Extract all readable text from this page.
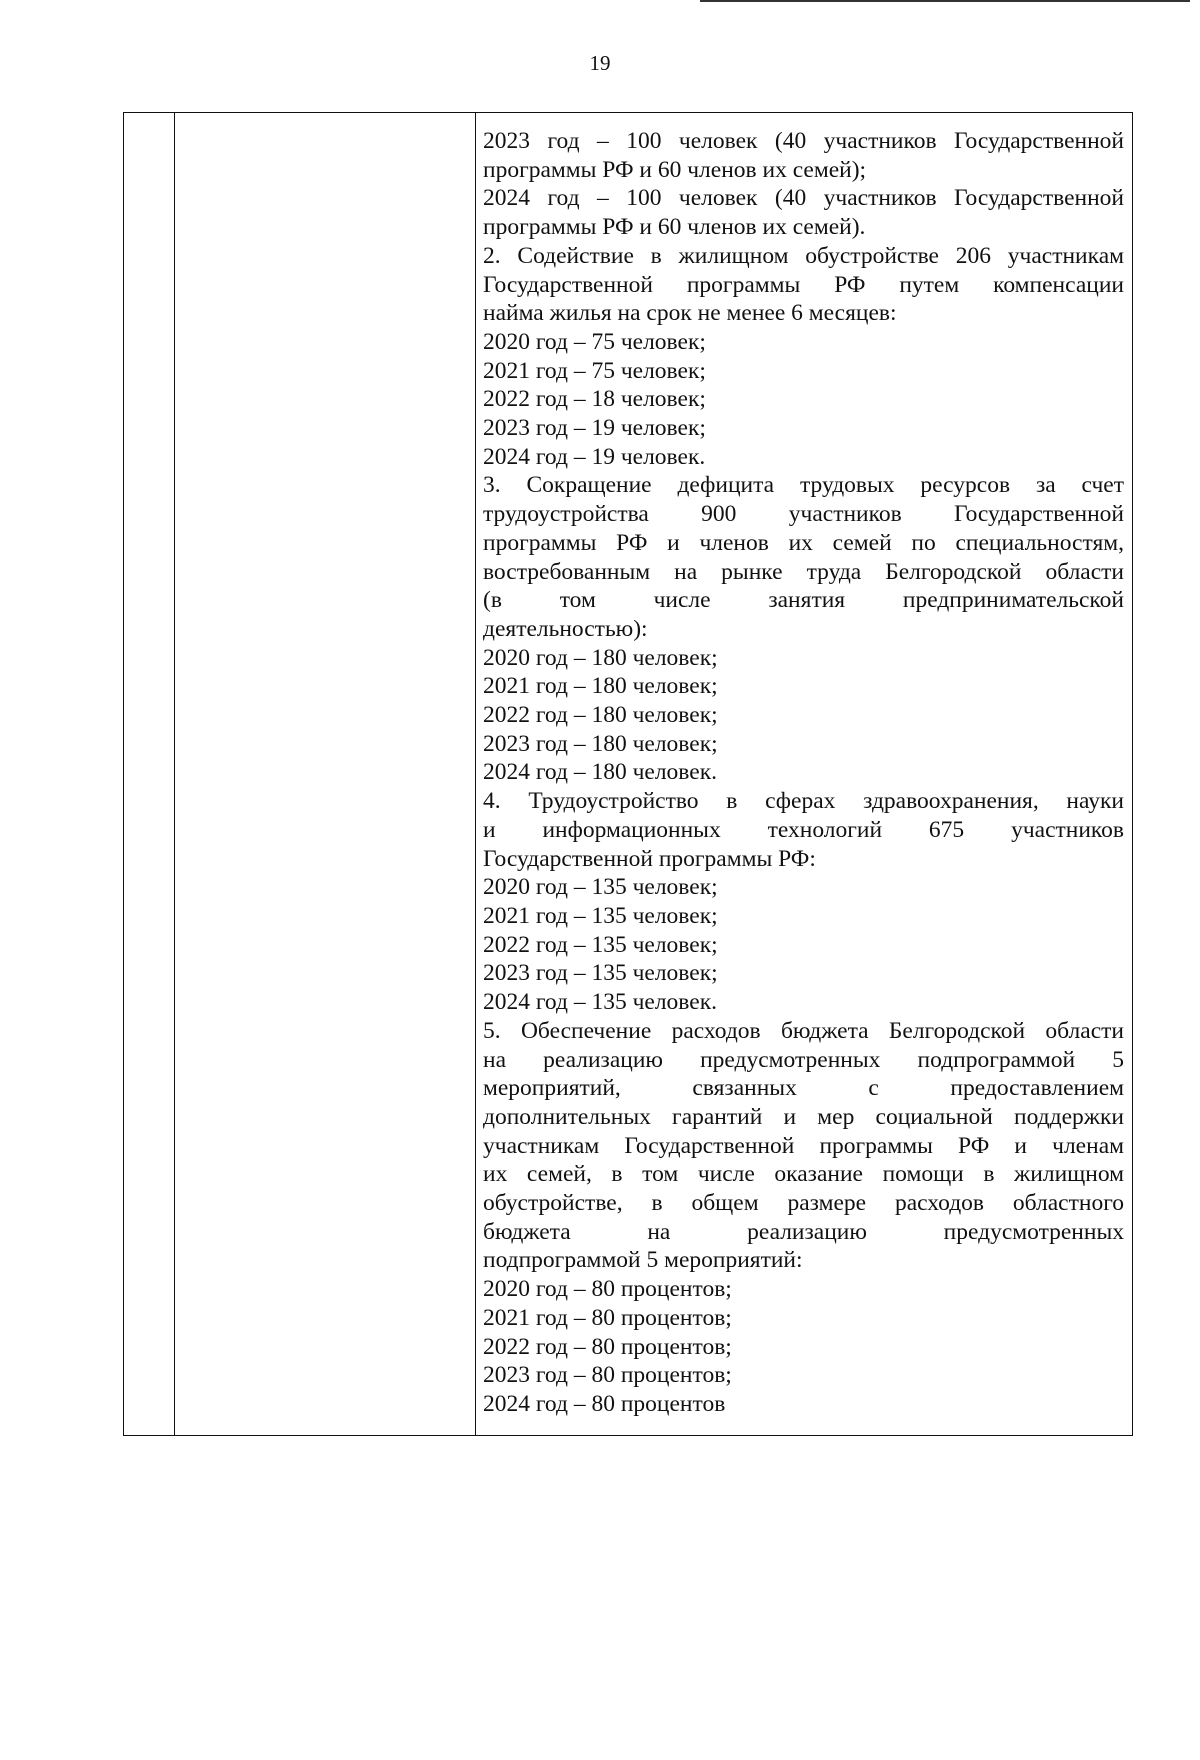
19

2023 год – 100 человек (40 участников Государственной
программы РФ и 60 членов их семей);
2024 год – 100 человек (40 участников Государственной
программы РФ и 60 членов их семей).
2. Содействие в жилищном обустройстве 206 участникам
Государственной программы РФ путем компенсации
найма жилья на срок не менее 6 месяцев:
2020 год – 75 человек;
2021 год – 75 человек;
2022 год – 18 человек;
2023 год – 19 человек;
2024 год – 19 человек.
3. Сокращение дефицита трудовых ресурсов за счет
трудоустройства 900 участников Государственной
программы РФ и членов их семей по специальностям,
востребованным на рынке труда Белгородской области
(в том числе занятия предпринимательской
деятельностью):
2020 год – 180 человек;
2021 год – 180 человек;
2022 год – 180 человек;
2023 год – 180 человек;
2024 год – 180 человек.
4. Трудоустройство в сферах здравоохранения, науки
и информационных технологий 675 участников
Государственной программы РФ:
2020 год – 135 человек;
2021 год – 135 человек;
2022 год – 135 человек;
2023 год – 135 человек;
2024 год – 135 человек.
5. Обеспечение расходов бюджета Белгородской области
на реализацию предусмотренных подпрограммой 5
мероприятий, связанных с предоставлением
дополнительных гарантий и мер социальной поддержки
участникам Государственной программы РФ и членам
их семей, в том числе оказание помощи в жилищном
обустройстве, в общем размере расходов областного
бюджета на реализацию предусмотренных
подпрограммой 5 мероприятий:
2020 год – 80 процентов;
2021 год – 80 процентов;
2022 год – 80 процентов;
2023 год – 80 процентов;
2024 год – 80 процентов
